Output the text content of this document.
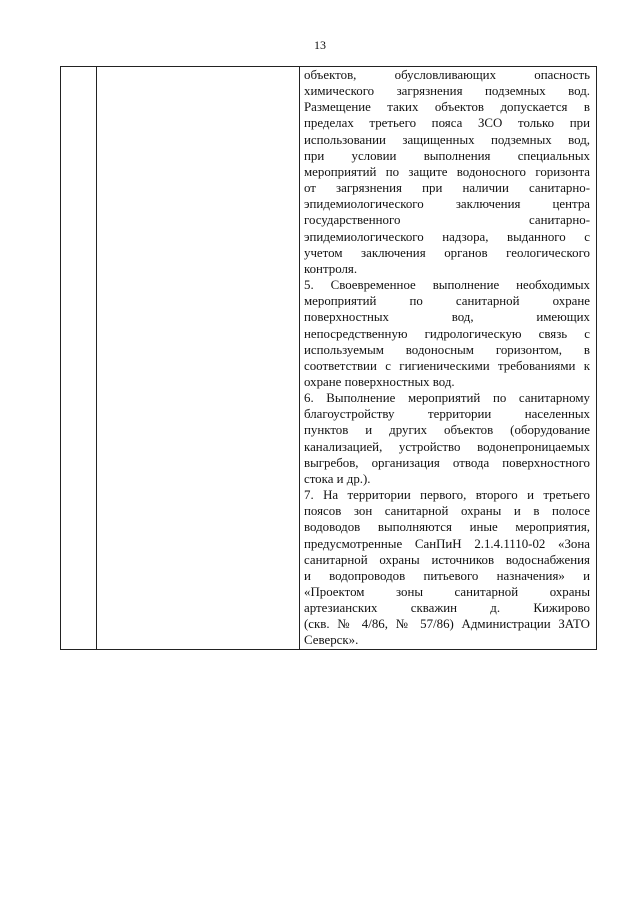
13

объектов, обусловливающих опасность

химического загрязнения подземных вод.

Размещение таких объектов допускается в

пределах третьего пояса ЗСО только при

использовании защищенных подземных вод,

при условии выполнения специальных

мероприятий по защите водоносного горизонта

от загрязнения при наличии санитарно-

эпидемиологического заключения центра

государственного санитарно-

эпидемиологического надзора, выданного с

учетом заключения органов геологического

контроля.

5. Своевременное выполнение необходимых

мероприятий по санитарной охране

поверхностных вод, имеющих

непосредственную гидрологическую связь с

используемым водоносным горизонтом, в

соответствии с гигиеническими требованиями к

охране поверхностных вод.

6. Выполнение мероприятий по санитарному

благоустройству территории населенных

пунктов и других объектов (оборудование

канализацией, устройство водонепроницаемых

выгребов, организация отвода поверхностного

стока и др.).

7. На территории первого, второго и третьего

поясов зон санитарной охраны и в полосе

водоводов выполняются иные мероприятия,

предусмотренные СанПиН 2.1.4.1110-02 «Зона

санитарной охраны источников водоснабжения

и водопроводов питьевого назначения» и

«Проектом зоны санитарной охраны

артезианских скважин д. Кижирово

(скв. № 4/86, № 57/86) Администрации ЗАТО

Северск».
